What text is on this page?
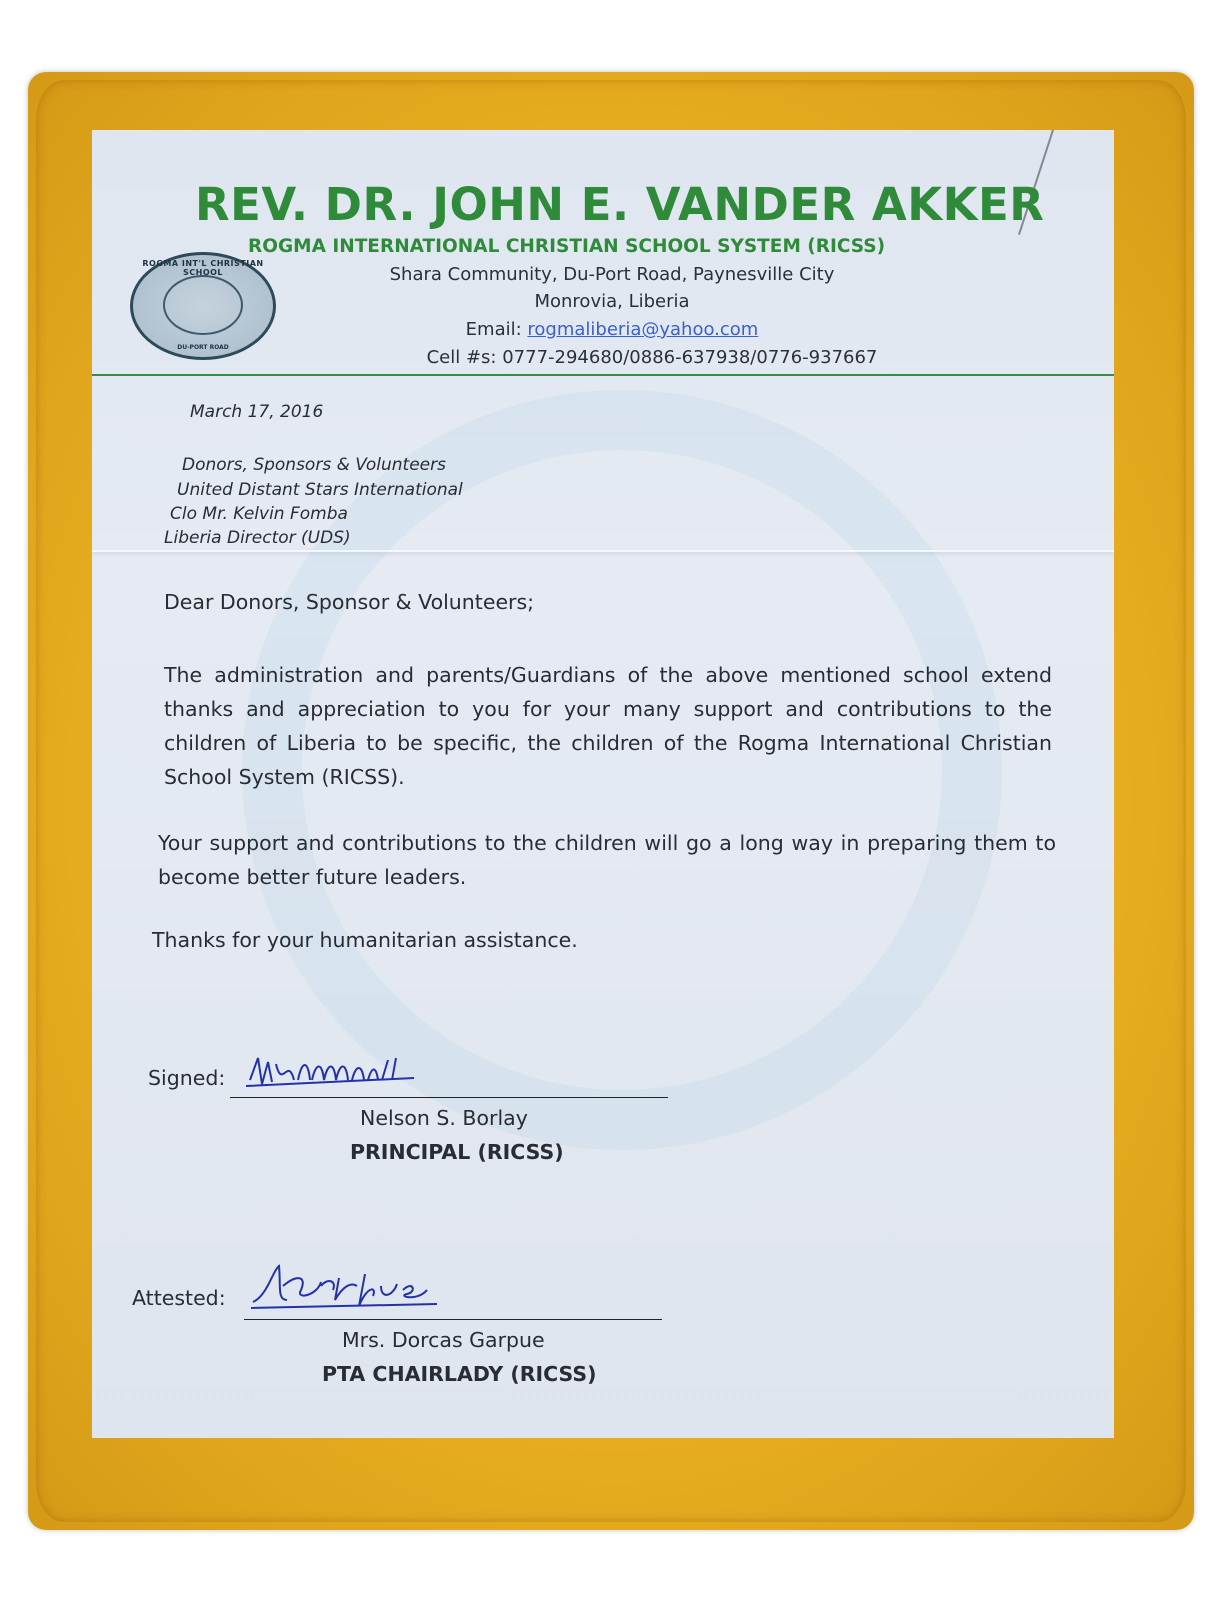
REV. DR. JOHN E. VANDER AKKER
ROGMA INTERNATIONAL CHRISTIAN SCHOOL SYSTEM (RICSS)
ROGMA INT'L CHRISTIAN SCHOOL
DU-PORT ROAD
Shara Community, Du-Port Road, Paynesville City
Monrovia, Liberia
Email: rogmaliberia@yahoo.com
Cell #s: 0777-294680/0886-637938/0776-937667
March 17, 2016
Donors, Sponsors & Volunteers
United Distant Stars International
Clo Mr. Kelvin Fomba
Liberia Director (UDS)
Dear Donors, Sponsor & Volunteers;
The administration and parents/Guardians of the above mentioned school extend thanks and appreciation to you for your many support and contributions to the children of Liberia to be specific, the children of the Rogma International Christian School System (RICSS).
Your support and contributions to the children will go a long way in preparing them to become better future leaders.
Thanks for your humanitarian assistance.
Signed:
Nelson S. Borlay
PRINCIPAL (RICSS)
Attested:
Mrs. Dorcas Garpue
PTA CHAIRLADY (RICSS)
